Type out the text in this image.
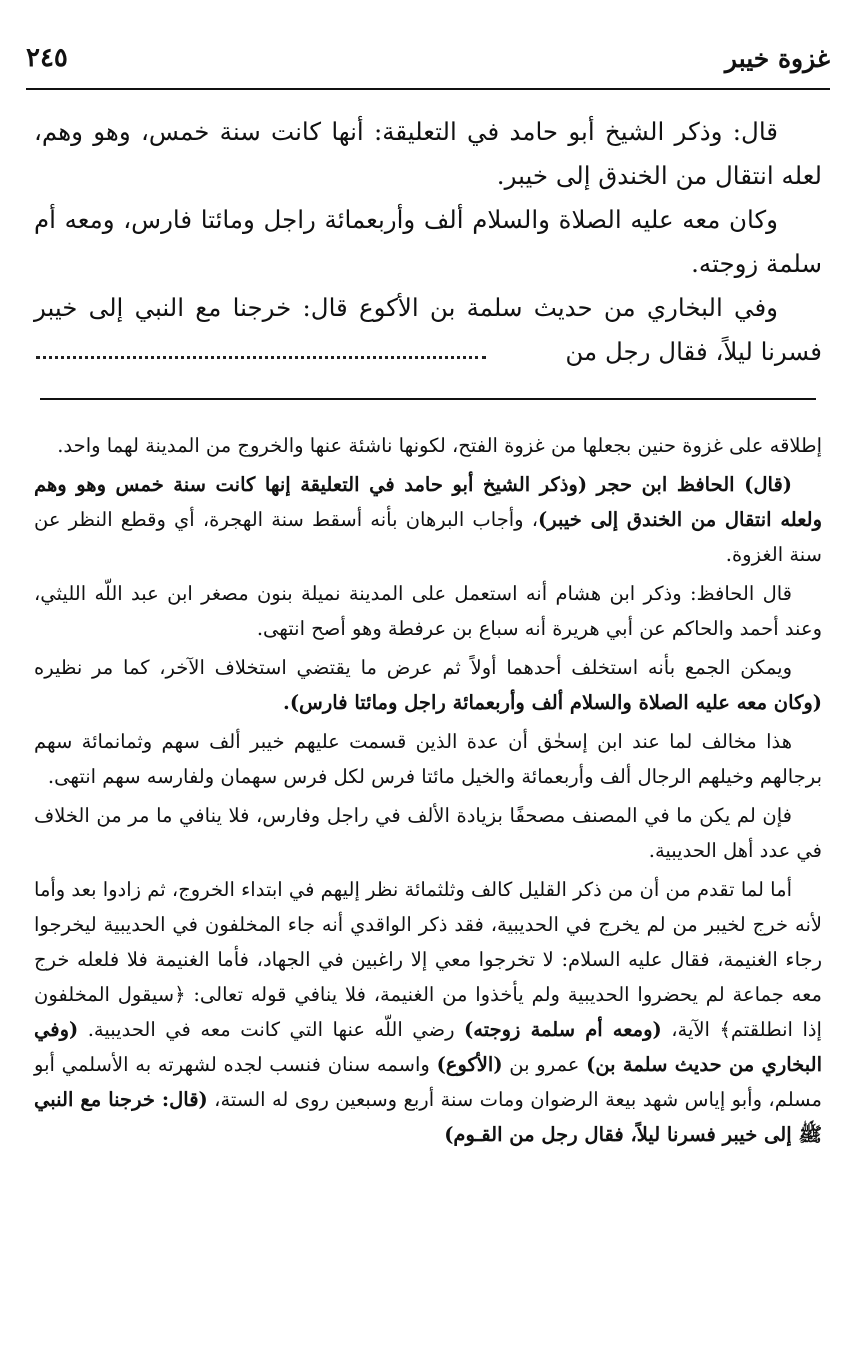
غزوة خيبر
٢٤٥

قال: وذكر الشيخ أبو حامد في التعليقة: أنها كانت سنة خمس، وهو وهم، لعله انتقال من الخندق إلى خيبر.

وكان معه عليه الصلاة والسلام ألف وأربعمائة راجل ومائتا فارس، ومعه أم سلمة زوجته.

وفي البخاري من حديث سلمة بن الأكوع قال: خرجنا مع النبي إلى خيبر فسرنا ليلاً، فقال رجل من

إطلاقه على غزوة حنين بجعلها من غزوة الفتح، لكونها ناشئة عنها والخروج من المدينة لهما واحد.

(قال) الحافظ ابن حجر (وذكر الشيخ أبو حامد في التعليقة إنها كانت سنة خمس وهو وهم ولعله انتقال من الخندق إلى خيبر)، وأجاب البرهان بأنه أسقط سنة الهجرة، أي وقطع النظر عن سنة الغزوة.

قال الحافظ: وذكر ابن هشام أنه استعمل على المدينة نميلة بنون مصغر ابن عبد اللّه الليثي، وعند أحمد والحاكم عن أبي هريرة أنه سباع بن عرفطة وهو أصح انتهى.

ويمكن الجمع بأنه استخلف أحدهما أولاً ثم عرض ما يقتضي استخلاف الآخر، كما مر نظيره (وكان معه عليه الصلاة والسلام ألف وأربعمائة راجل ومائتا فارس).

هذا مخالف لما عند ابن إسحٰق أن عدة الذين قسمت عليهم خيبر ألف سهم وثمانمائة سهم برجالهم وخيلهم الرجال ألف وأربعمائة والخيل مائتا فرس لكل فرس سهمان ولفارسه سهم انتهى.

فإن لم يكن ما في المصنف مصحفًا بزيادة الألف في راجل وفارس، فلا ينافي ما مر من الخلاف في عدد أهل الحديبية.

أما لما تقدم من أن من ذكر القليل كالف وثلثمائة نظر إليهم في ابتداء الخروج، ثم زادوا بعد وأما لأنه خرج لخيبر من لم يخرج في الحديبية، فقد ذكر الواقدي أنه جاء المخلفون في الحديبية ليخرجوا رجاء الغنيمة، فقال عليه السلام: لا تخرجوا معي إلا راغبين في الجهاد، فأما الغنيمة فلا فلعله خرج معه جماعة لم يحضروا الحديبية ولم يأخذوا من الغنيمة، فلا ينافي قوله تعالى: ﴿سيقول المخلفون إذا انطلقتم﴾ الآية، (ومعه أم سلمة زوجته) رضي اللّه عنها التي كانت معه في الحديبية. (وفي البخاري من حديث سلمة بن) عمرو بن (الأكوع) واسمه سنان فنسب لجده لشهرته به الأسلمي أبو مسلم، وأبو إياس شهد بيعة الرضوان ومات سنة أربع وسبعين روى له الستة، (قال: خرجنا مع النبي ﷺ إلى خيبر فسرنا ليلاً، فقال رجل من القـوم)
